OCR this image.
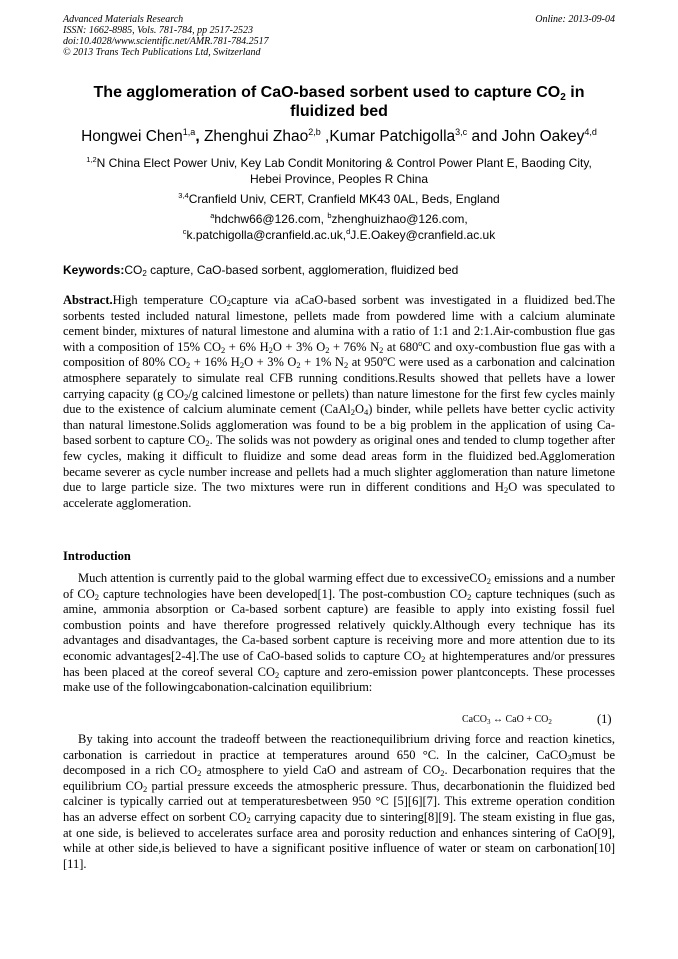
Advanced Materials Research
ISSN: 1662-8985, Vols. 781-784, pp 2517-2523
doi:10.4028/www.scientific.net/AMR.781-784.2517
© 2013 Trans Tech Publications Ltd, Switzerland
Online: 2013-09-04
The agglomeration of CaO-based sorbent used to capture $CO_2$ in
fluidized bed
Hongwei Chen$^{1,a}$, Zhenghui Zhao$^{2,b}$ ,Kumar Patchigolla$^{3,c}$ and John Oakey$^{4,d}$
$^{1,2}$N China Elect Power Univ, Key Lab Condit Monitoring & Control Power Plant E, Baoding City,
Hebei Province, Peoples R China
$^{3,4}$Cranfield Univ, CERT, Cranfield MK43 0AL, Beds, England
$^a$hdchw66@126.com, $^b$zhenghuizhao@126.com,
$^c$k.patchigolla@cranfield.ac.uk,$^d$J.E.Oakey@cranfield.ac.uk
$Keywords:CO_2$ capture, CaO-based sorbent, agglomeration, fluidized bed
Abstract.High temperature $CO_2capture$ via aCaO-based sorbent was investigated in a fluidized bed.The sorbents tested included natural limestone, pellets made from powdered lime with a calcium aluminate cement binder, mixtures of natural limestone and alumina with a ratio of 1:1 and 2:1.Air-combustion flue gas with a composition of 15% $CO_2 + 6\%$ $H_2O + 3\%$ $O_2 + 76\%$ $N_2$ at 680$^o$C and oxy-combustion flue gas with a composition of 80% $CO_2 + 16\%$ $H_2O + 3\%$ $O_2 + 1\%$ $N_2$ at 950$^o$C were used as a carbonation and calcination atmosphere separately to simulate real CFB running conditions.Results showed that pellets have a lower carrying capacity (g $CO_2/g$ calcined limestone or pellets) than nature limestone for the first few cycles mainly due to the existence of calcium aluminate cement $(CaAl_2O_4)$ binder, while pellets have better cyclic activity than natural limestone.Solids agglomeration was found to be a big problem in the application of using Ca-based sorbent to capture $CO_2$. The solids was not powdery as original ones and tended to clump together after few cycles, making it difficult to fluidize and some dead areas form in the fluidized bed.Agglomeration became severer as cycle number increase and pellets had a much slighter agglomeration than nature limetone due to large particle size. The two mixtures were run in different conditions and $H_2O$ was speculated to accelerate agglomeration.
Introduction
Much attention is currently paid to the global warming effect due to excessiveCO$_2$ emissions and a number of $CO_2$ capture technologies have been developed[1]. The post-combustion $CO_2$ capture techniques (such as amine, ammonia absorption or Ca-based sorbent capture) are feasible to apply into existing fossil fuel combustion points and have therefore progressed relatively quickly.Although every technique has its advantages and disadvantages, the Ca-based sorbent capture is receiving more and more attention due to its economic advantages[2-4].The use of CaO-based solids to capture $CO_2$ at hightemperatures and/or pressures has been placed at the coreof several $CO_2$ capture and zero-emission power plantconcepts. These processes make use of the followingcabonation-calcination equilibrium:
CaCO$_3$ ↔ CaO + $CO_2$	(1)
By taking into account the tradeoff between the reactionequilibrium driving force and reaction kinetics, carbonation is carriedout in practice at temperatures around 650 °C. In the calciner, CaCO$_3$must be decomposed in a rich $CO_2$ atmosphere to yield CaO and astream of $CO_2$. Decarbonation requires that the equilibrium $CO_2$ partial pressure exceeds the atmospheric pressure. Thus, decarbonationin the fluidized bed calciner is typically carried out at temperaturesbetween 950 °C [5][6][7]. This extreme operation condition has an adverse effect on sorbent $CO_2$ carrying capacity due to sintering[8][9]. The steam existing in flue gas, at one side, is believed to accelerates surface area and porosity reduction and enhances sintering of CaO[9], while at other side,is believed to have a significant positive influence of water or steam on carbonation[10][11].
